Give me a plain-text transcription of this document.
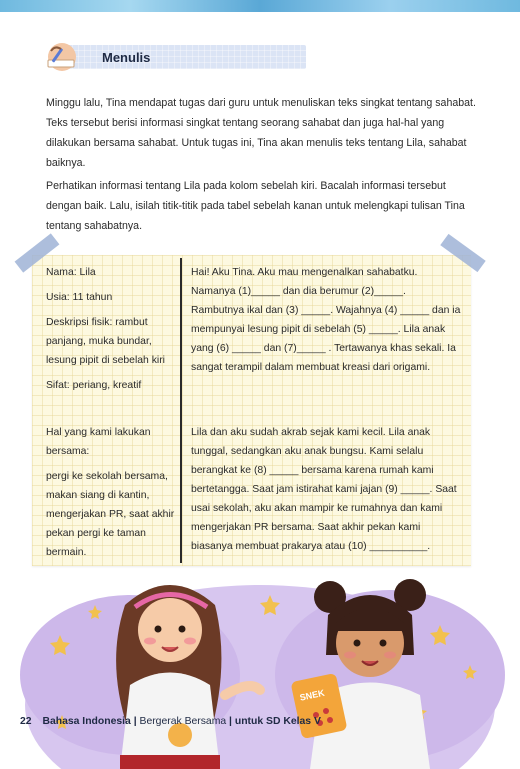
Menulis
Minggu lalu, Tina mendapat tugas dari guru untuk menuliskan teks singkat tentang sahabat. Teks tersebut berisi informasi singkat tentang seorang sahabat dan juga hal-hal yang dilakukan bersama sahabat. Untuk tugas ini, Tina akan menulis teks tentang Lila, sahabat baiknya.
Perhatikan informasi tentang Lila pada kolom sebelah kiri. Bacalah informasi tersebut dengan baik. Lalu, isilah titik-titik pada tabel sebelah kanan untuk melengkapi tulisan Tina tentang sahabatnya.

Nama: Lila

Usia: 11 tahun

Deskripsi fisik: rambut panjang, muka bundar, lesung pipit di sebelah kiri

Sifat: periang, kreatif

Hal yang kami lakukan bersama:

pergi ke sekolah bersama, makan siang di kantin, mengerjakan PR, saat akhir pekan pergi ke taman bermain.

Hai! Aku Tina. Aku mau mengenalkan sahabatku. Namanya (1)_____ dan dia berumur (2)_____. Rambutnya ikal dan (3) _____. Wajahnya (4) _____ dan ia mempunyai lesung pipit di sebelah (5) _____. Lila anak yang (6) _____ dan (7)_____ . Tertawanya khas sekali. Ia sangat terampil dalam membuat kreasi dari origami.
Lila dan aku sudah akrab sejak kami kecil. Lila anak tunggal, sedangkan aku anak bungsu. Kami selalu berangkat ke (8) _____ bersama karena rumah kami bertetangga. Saat jam istirahat kami jajan (9) _____. Saat usai sekolah, aku akan mampir ke rumahnya dan kami mengerjakan PR bersama. Saat akhir pekan kami biasanya membuat prakarya atau (10) __________.
SNEK
22 Bahasa Indonesia | Bergerak Bersama | untuk SD Kelas V
